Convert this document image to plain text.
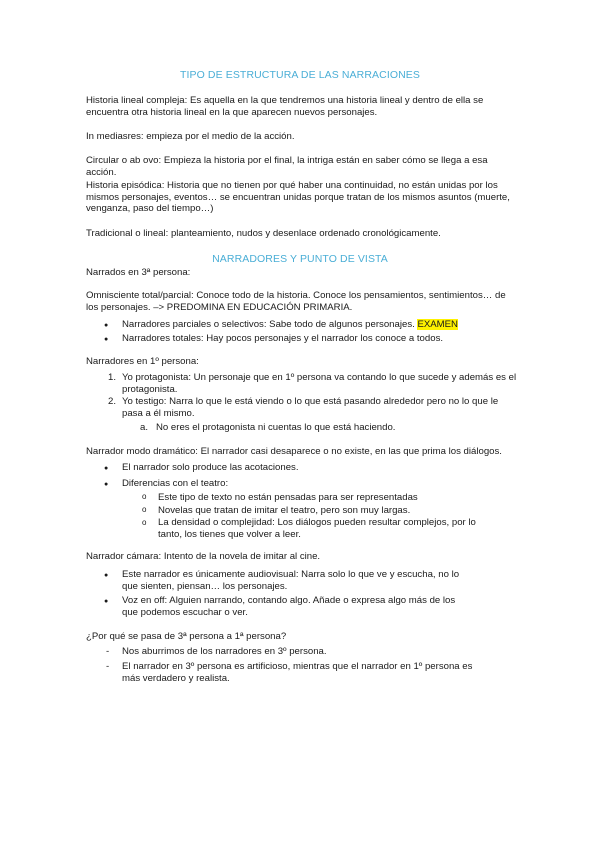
TIPO DE ESTRUCTURA DE LAS NARRACIONES
Historia lineal compleja: Es aquella en la que tendremos una historia lineal y dentro de ella se encuentra otra historia lineal en la que aparecen nuevos personajes.
In mediasres: empieza por el medio de la acción.
Circular o ab ovo: Empieza la historia por el final, la intriga están en saber cómo se llega a esa acción.
Historia episódica: Historia que no tienen por qué haber una continuidad, no están unidas por los mismos personajes, eventos… se encuentran unidas porque tratan de los mismos asuntos (muerte, venganza, paso del tiempo…)
Tradicional o lineal: planteamiento, nudos y desenlace ordenado cronológicamente.
NARRADORES Y PUNTO DE VISTA
Narrados en 3ª persona:
Omnisciente total/parcial: Conoce todo de la historia. Conoce los pensamientos, sentimientos… de los personajes. –> PREDOMINA EN EDUCACIÓN PRIMARIA.
● Narradores parciales o selectivos: Sabe todo de algunos personajes. EXAMEN
● Narradores totales: Hay pocos personajes y el narrador los conoce a todos.
Narradores en 1º persona:
1. Yo protagonista: Un personaje que en 1º persona va contando lo que sucede y además es el protagonista.
2. Yo testigo: Narra lo que le está viendo o lo que está pasando alrededor pero no lo que le pasa a él mismo.
a. No eres el protagonista ni cuentas lo que está haciendo.
Narrador modo dramático: El narrador casi desaparece o no existe, en las que prima los diálogos.
● El narrador solo produce las acotaciones.
● Diferencias con el teatro:
o Este tipo de texto no están pensadas para ser representadas
o Novelas que tratan de imitar el teatro, pero son muy largas.
o La densidad o complejidad: Los diálogos pueden resultar complejos, por lo tanto, los tienes que volver a leer.
Narrador cámara: Intento de la novela de imitar al cine.
● Este narrador es únicamente audiovisual: Narra solo lo que ve y escucha, no lo que sienten, piensan… los personajes.
● Voz en off: Alguien narrando, contando algo. Añade o expresa algo más de los que podemos escuchar o ver.
¿Por qué se pasa de 3ª persona a 1ª persona?
- Nos aburrimos de los narradores en 3º persona.
- El narrador en 3º persona es artificioso, mientras que el narrador en 1º persona es más verdadero y realista.
